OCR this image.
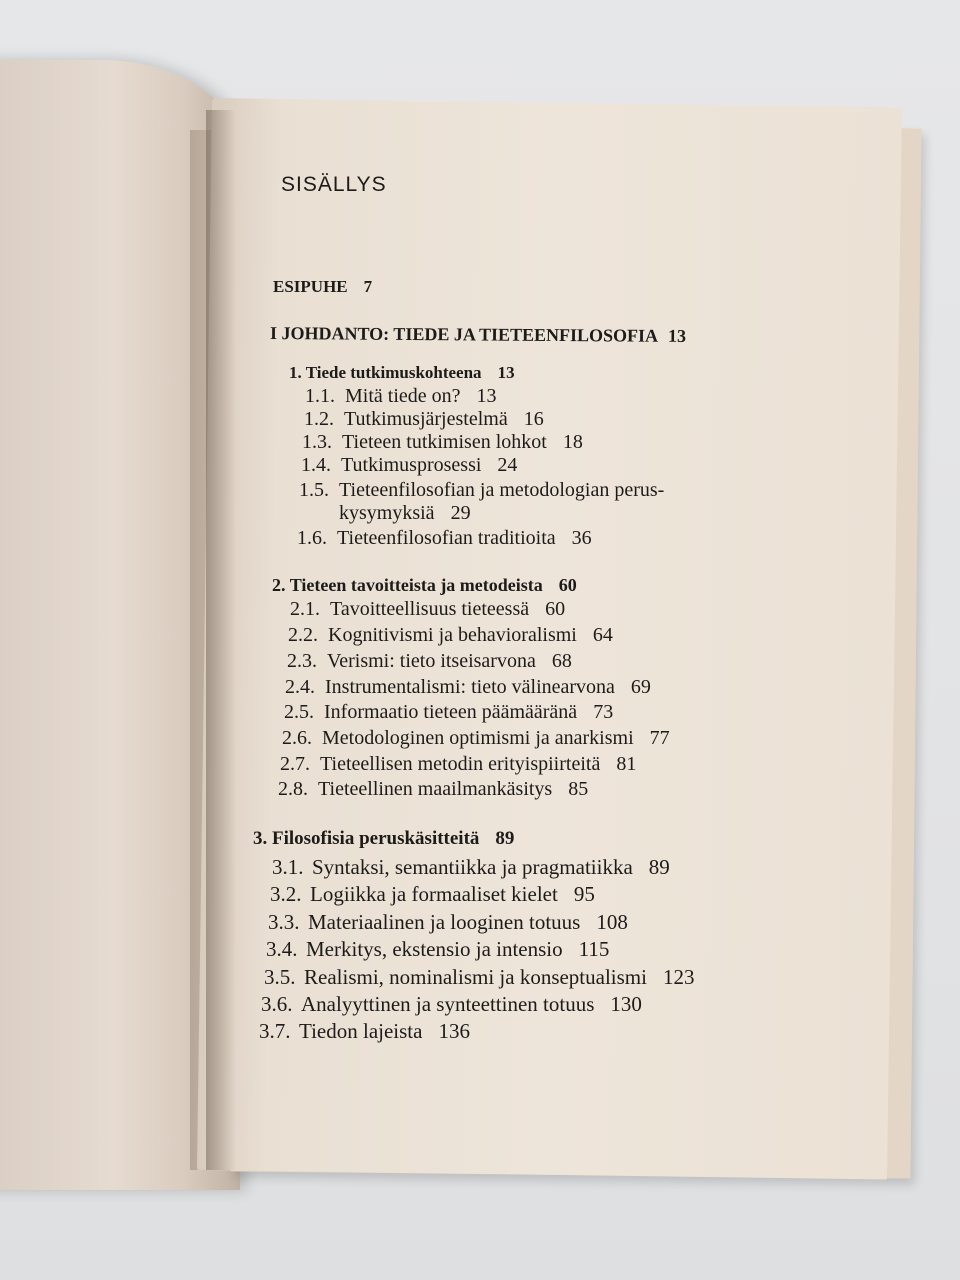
SISÄLLYS
ESIPUHE 7
I JOHDANTO: TIEDE JA TIETEENFILOSOFIA 13
1. Tiede tutkimuskohteena 13
1.1. Mitä tiede on? 13
1.2. Tutkimusjärjestelmä 16
1.3. Tieteen tutkimisen lohkot 18
1.4. Tutkimusprosessi 24
1.5. Tieteenfilosofian ja metodologian perus-
kysymyksiä 29
1.6. Tieteenfilosofian traditioita 36
2. Tieteen tavoitteista ja metodeista 60
2.1. Tavoitteellisuus tieteessä 60
2.2. Kognitivismi ja behavioralismi 64
2.3. Verismi: tieto itseisarvona 68
2.4. Instrumentalismi: tieto välinearvona 69
2.5. Informaatio tieteen päämääränä 73
2.6. Metodologinen optimismi ja anarkismi 77
2.7. Tieteellisen metodin erityispiirteitä 81
2.8. Tieteellinen maailmankäsitys 85
3. Filosofisia peruskäsitteitä 89
3.1. Syntaksi, semantiikka ja pragmatiikka 89
3.2. Logiikka ja formaaliset kielet 95
3.3. Materiaalinen ja looginen totuus 108
3.4. Merkitys, ekstensio ja intensio 115
3.5. Realismi, nominalismi ja konseptualismi 123
3.6. Analyyttinen ja synteettinen totuus 130
3.7. Tiedon lajeista 136
